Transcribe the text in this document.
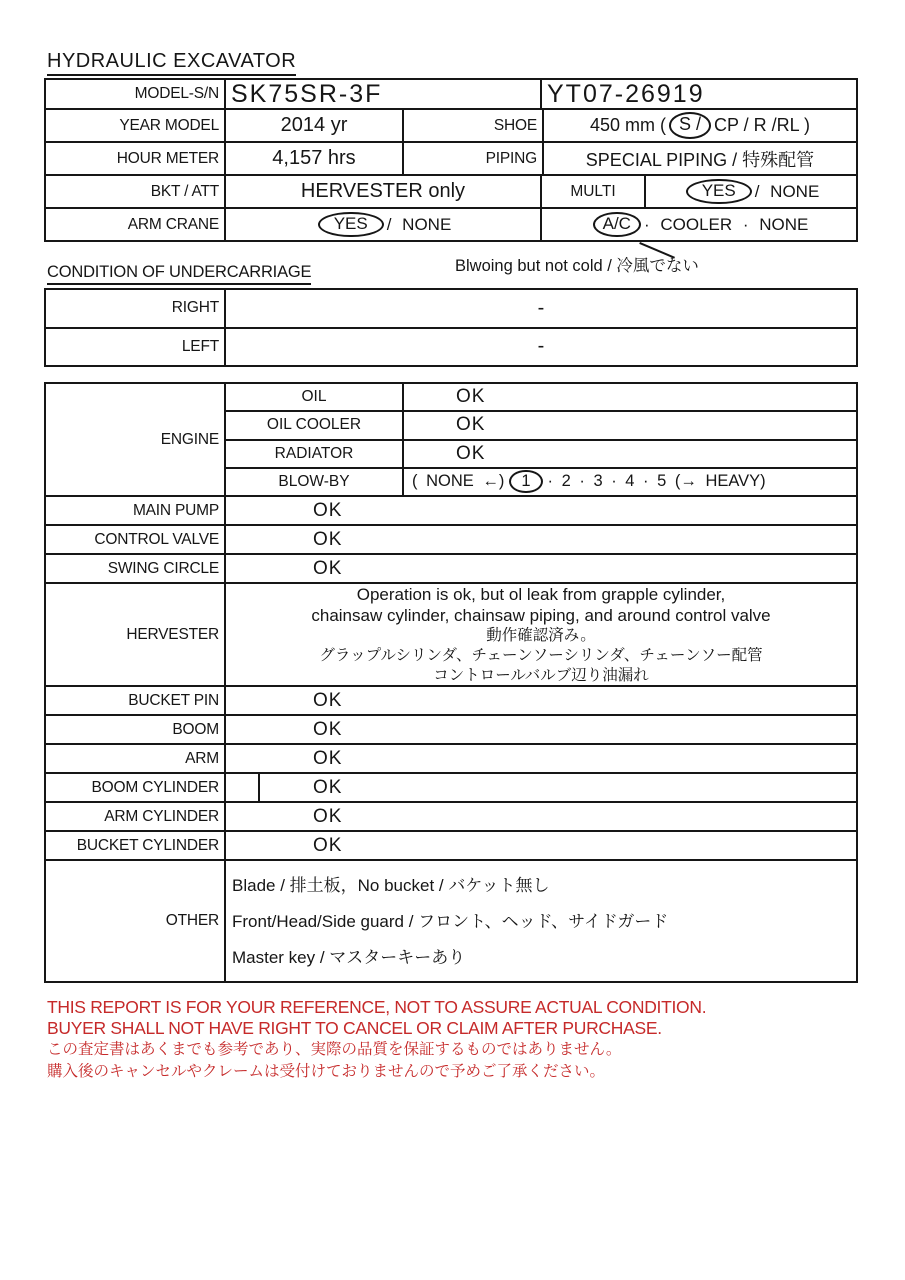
HYDRAULIC EXCAVATOR
MODEL-S/N SK75SR-3F	YT07-26919
YEAR MODEL	2014 yr	SHOE	450 mm ( S / CP / R /RL )
HOUR METER	4,157 hrs	PIPING	SPECIAL PIPING / 特殊配管
BKT / ATT	HERVESTER only	MULTI	YES	/ NONE
ARM CRANE	YES	/ NONE	A/C · COOLER · NONE
Blwoing but not cold / 冷風でない
CONDITION OF UNDERCARRIAGE
RIGHT	-
LEFT	-
ENGINE
OIL	OK
OIL COOLER	OK
RADIATOR	OK
BLOW-BY	( NONE ←)	1	· 2 · 3 · 4 · 5 (→ HEAVY)
MAIN PUMP	OK
CONTROL VALVE	OK
SWING CIRCLE	OK
HERVESTER
Operation is ok, but ol leak from grapple cylinder,
chainsaw cylinder, chainsaw piping, and around control valve
動作確認済み。
グラップルシリンダ、チェーンソーシリンダ、チェーンソー配管
コントロールバルブ辺り油漏れ
BUCKET PIN	OK
BOOM	OK
ARM	OK
BOOM CYLINDER	OK
ARM CYLINDER	OK
BUCKET CYLINDER	OK
OTHER
Blade / 排土板，No bucket / バケット無し
Front/Head/Side guard / フロント、ヘッド、サイドガード
Master key / マスターキーあり
THIS REPORT IS FOR YOUR REFERENCE, NOT TO ASSURE ACTUAL CONDITION.
BUYER SHALL NOT HAVE RIGHT TO CANCEL OR CLAIM AFTER PURCHASE.
この査定書はあくまでも参考であり、実際の品質を保証するものではありません。
購入後のキャンセルやクレームは受付けておりませんので予めご了承ください。
